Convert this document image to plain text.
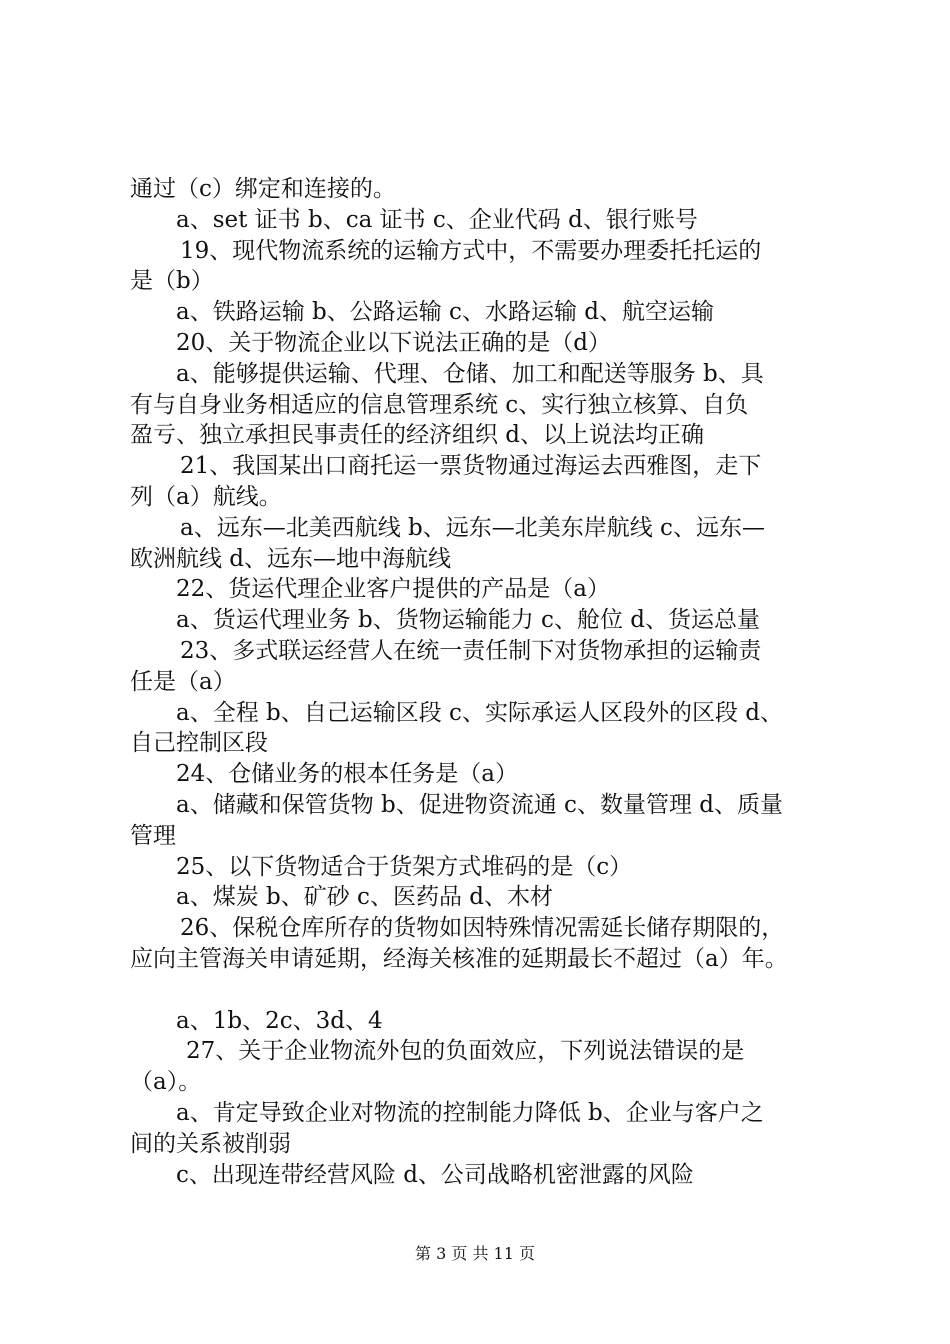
通过（c）绑定和连接的。
a、set 证书 b、ca 证书 c、企业代码 d、银行账号
19、现代物流系统的运输方式中，不需要办理委托托运的
是（b）
a、铁路运输 b、公路运输 c、水路运输 d、航空运输
20、关于物流企业以下说法正确的是（d）
a、能够提供运输、代理、仓储、加工和配送等服务 b、具
有与自身业务相适应的信息管理系统 c、实行独立核算、自负
盈亏、独立承担民事责任的经济组织 d、以上说法均正确
21、我国某出口商托运一票货物通过海运去西雅图，走下
列（a）航线。
a、远东—北美西航线 b、远东—北美东岸航线 c、远东—
欧洲航线 d、远东—地中海航线
22、货运代理企业客户提供的产品是（a）
a、货运代理业务 b、货物运输能力 c、舱位 d、货运总量
23、多式联运经营人在统一责任制下对货物承担的运输责
任是（a）
a、全程 b、自己运输区段 c、实际承运人区段外的区段 d、
自己控制区段
24、仓储业务的根本任务是（a）
a、储藏和保管货物 b、促进物资流通 c、数量管理 d、质量
管理
25、以下货物适合于货架方式堆码的是（c）
a、煤炭 b、矿砂 c、医药品 d、木材
26、保税仓库所存的货物如因特殊情况需延长储存期限的，
应向主管海关申请延期，经海关核准的延期最长不超过（a）年。
a、1b、2c、3d、4
27、关于企业物流外包的负面效应，下列说法错误的是
（a）。
a、肯定导致企业对物流的控制能力降低 b、企业与客户之
间的关系被削弱
c、出现连带经营风险 d、公司战略机密泄露的风险
第 3 页 共 11 页
